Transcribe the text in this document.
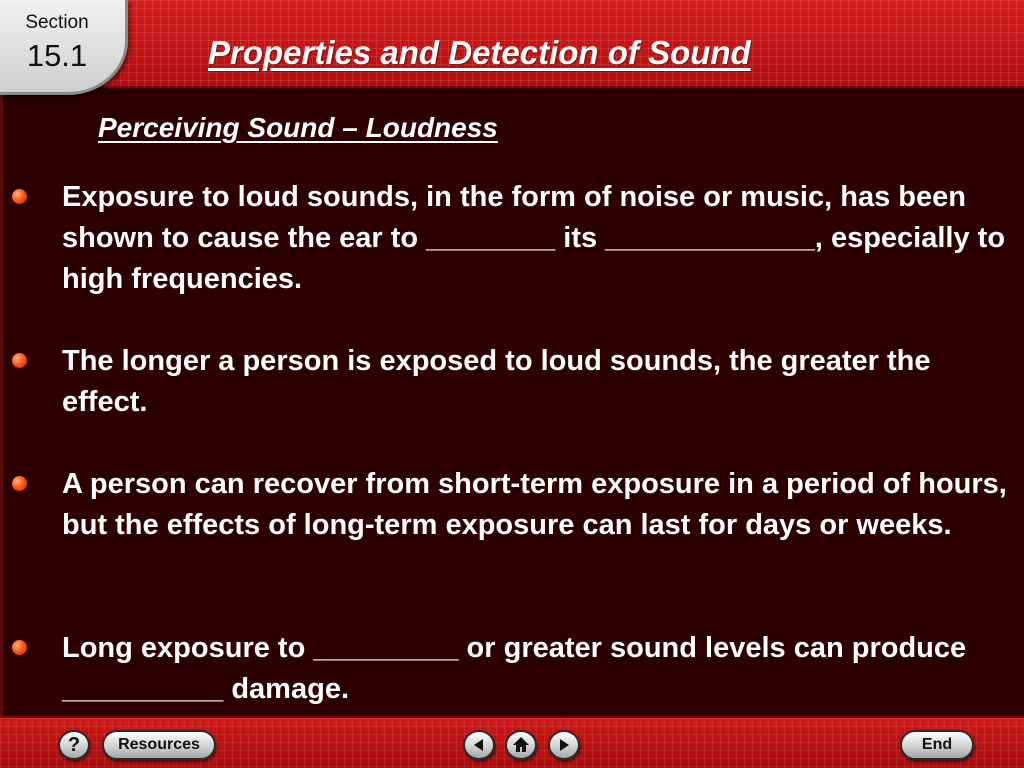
Properties and Detection of Sound
Section
15.1
Perceiving Sound – Loudness
Exposure to loud sounds, in the form of noise or music, has been shown to cause the ear to ________ its _____________, especially to high frequencies.
The longer a person is exposed to loud sounds, the greater the effect.
A person can recover from short-term exposure in a period of hours, but the effects of long-term exposure can last for days or weeks.
Long exposure to _________ or greater sound levels can produce __________ damage.
? Resources	End
